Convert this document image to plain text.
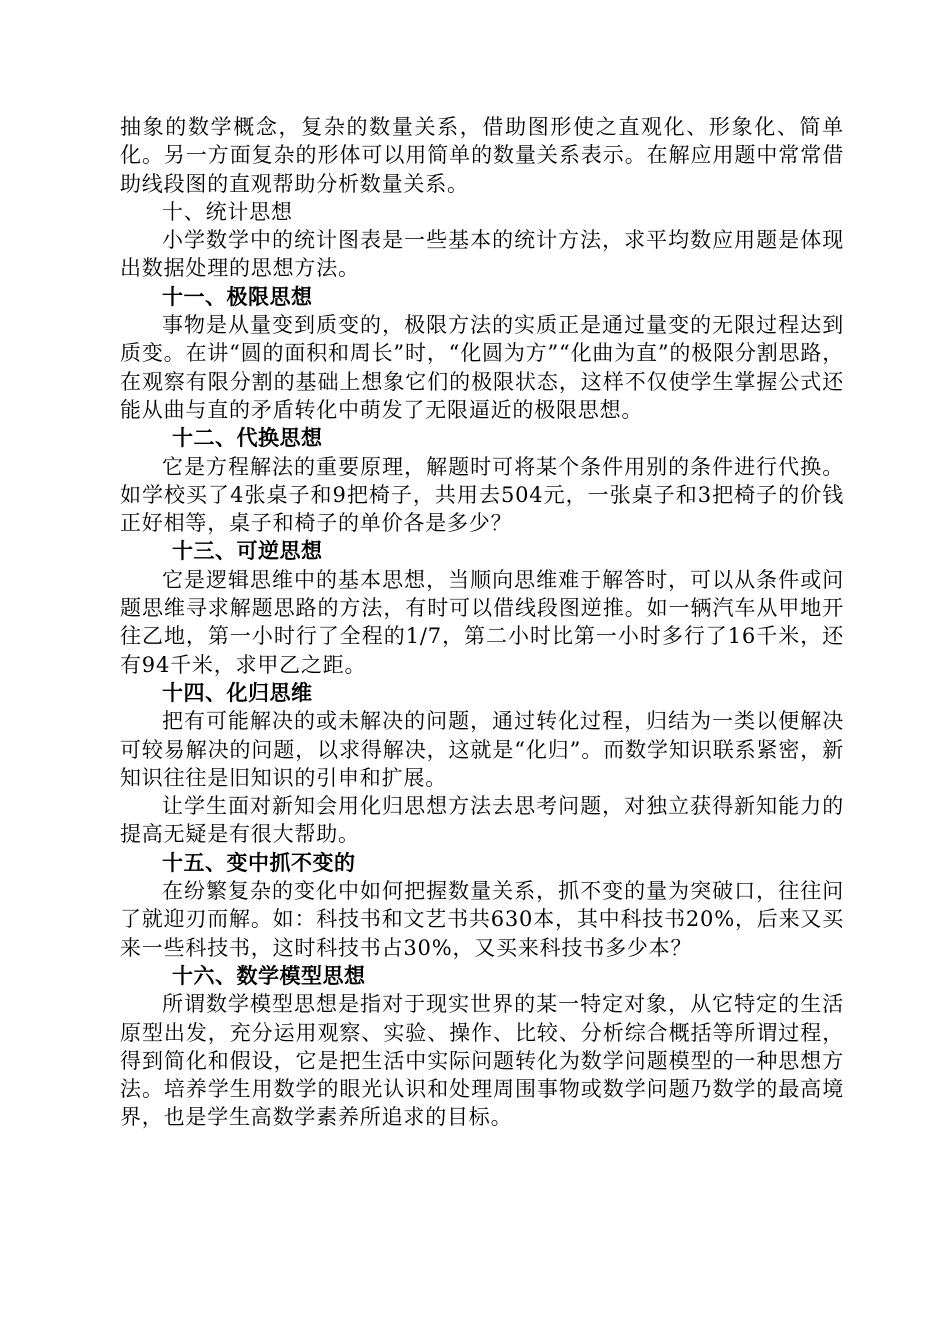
抽象的数学概念，复杂的数量关系，借助图形使之直观化、形象化、简单化。另一方面复杂的形体可以用简单的数量关系表示。在解应用题中常常借助线段图的直观帮助分析数量关系。

十、统计思想

小学数学中的统计图表是一些基本的统计方法，求平均数应用题是体现出数据处理的思想方法。

十一、极限思想

事物是从量变到质变的，极限方法的实质正是通过量变的无限过程达到质变。在讲“圆的面积和周长”时，“化圆为方”“化曲为直”的极限分割思路，在观察有限分割的基础上想象它们的极限状态，这样不仅使学生掌握公式还能从曲与直的矛盾转化中萌发了无限逼近的极限思想。

十二、代换思想

它是方程解法的重要原理，解题时可将某个条件用别的条件进行代换。如学校买了4张桌子和9把椅子，共用去504元，一张桌子和3把椅子的价钱正好相等，桌子和椅子的单价各是多少？

十三、可逆思想

它是逻辑思维中的基本思想，当顺向思维难于解答时，可以从条件或问题思维寻求解题思路的方法，有时可以借线段图逆推。如一辆汽车从甲地开往乙地，第一小时行了全程的1/7，第二小时比第一小时多行了16千米，还有94千米，求甲乙之距。

十四、化归思维

把有可能解决的或未解决的问题，通过转化过程，归结为一类以便解决可较易解决的问题，以求得解决，这就是“化归”。而数学知识联系紧密，新知识往往是旧知识的引申和扩展。

让学生面对新知会用化归思想方法去思考问题，对独立获得新知能力的提高无疑是有很大帮助。

十五、变中抓不变的

在纷繁复杂的变化中如何把握数量关系，抓不变的量为突破口，往往问了就迎刃而解。如：科技书和文艺书共630本，其中科技书20%，后来又买来一些科技书，这时科技书占30%，又买来科技书多少本？

十六、数学模型思想

所谓数学模型思想是指对于现实世界的某一特定对象，从它特定的生活原型出发，充分运用观察、实验、操作、比较、分析综合概括等所谓过程，得到简化和假设，它是把生活中实际问题转化为数学问题模型的一种思想方法。培养学生用数学的眼光认识和处理周围事物或数学问题乃数学的最高境界，也是学生高数学素养所追求的目标。
